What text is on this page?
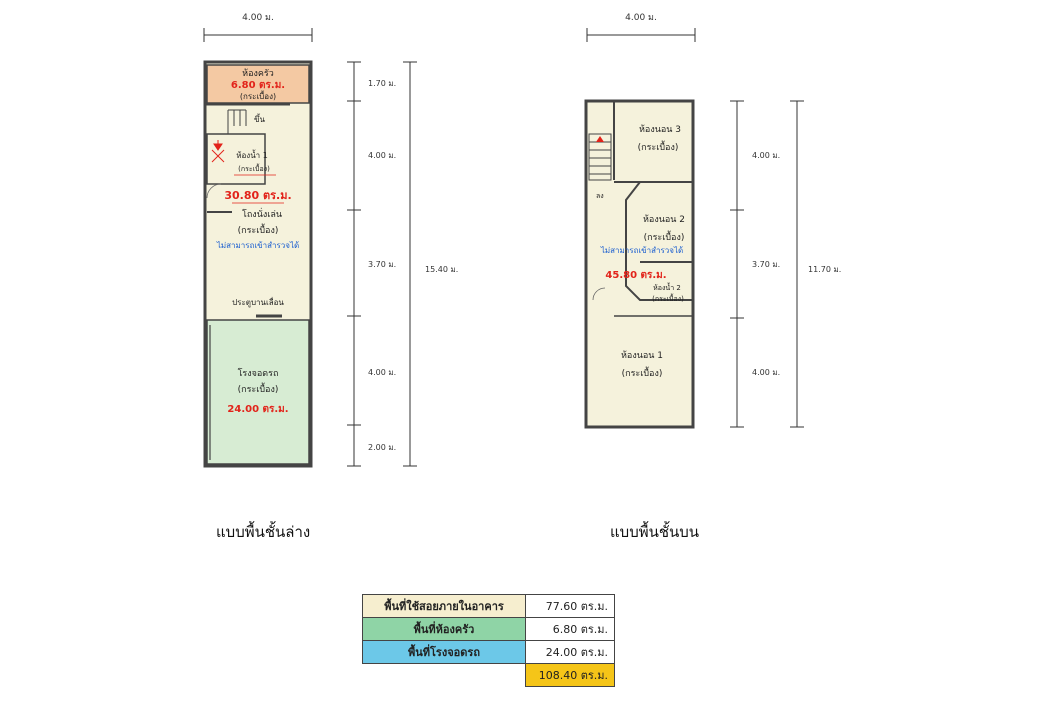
4.00 ม.
ห้องครัว
6.80 ตร.ม.
(กระเบื้อง)
ขึ้น
ห้องน้ำ 1
(กระเบื้อง)
30.80 ตร.ม.
โถงนั่งเล่น
(กระเบื้อง)
ไม่สามารถเข้าสำรวจได้
ประตูบานเลื่อน
โรงจอดรถ
(กระเบื้อง)
24.00 ตร.ม.
1.70 ม.
4.00 ม.
3.70 ม.
4.00 ม.
2.00 ม.
15.40 ม.
4.00 ม.
ลง
ห้องนอน 3
(กระเบื้อง)
ห้องนอน 2
(กระเบื้อง)
ไม่สามารถเข้าสำรวจได้
45.80 ตร.ม.
ห้องน้ำ 2
(กระเบื้อง)
ห้องนอน 1
(กระเบื้อง)
4.00 ม.
3.70 ม.
4.00 ม.
11.70 ม.
แบบพื้นชั้นล่าง	แบบพื้นชั้นบน
พื้นที่ใช้สอยภายในอาคาร	77.60 ตร.ม.
พื้นที่ห้องครัว	6.80 ตร.ม.
พื้นที่โรงจอดรถ	24.00 ตร.ม.
	108.40 ตร.ม.
